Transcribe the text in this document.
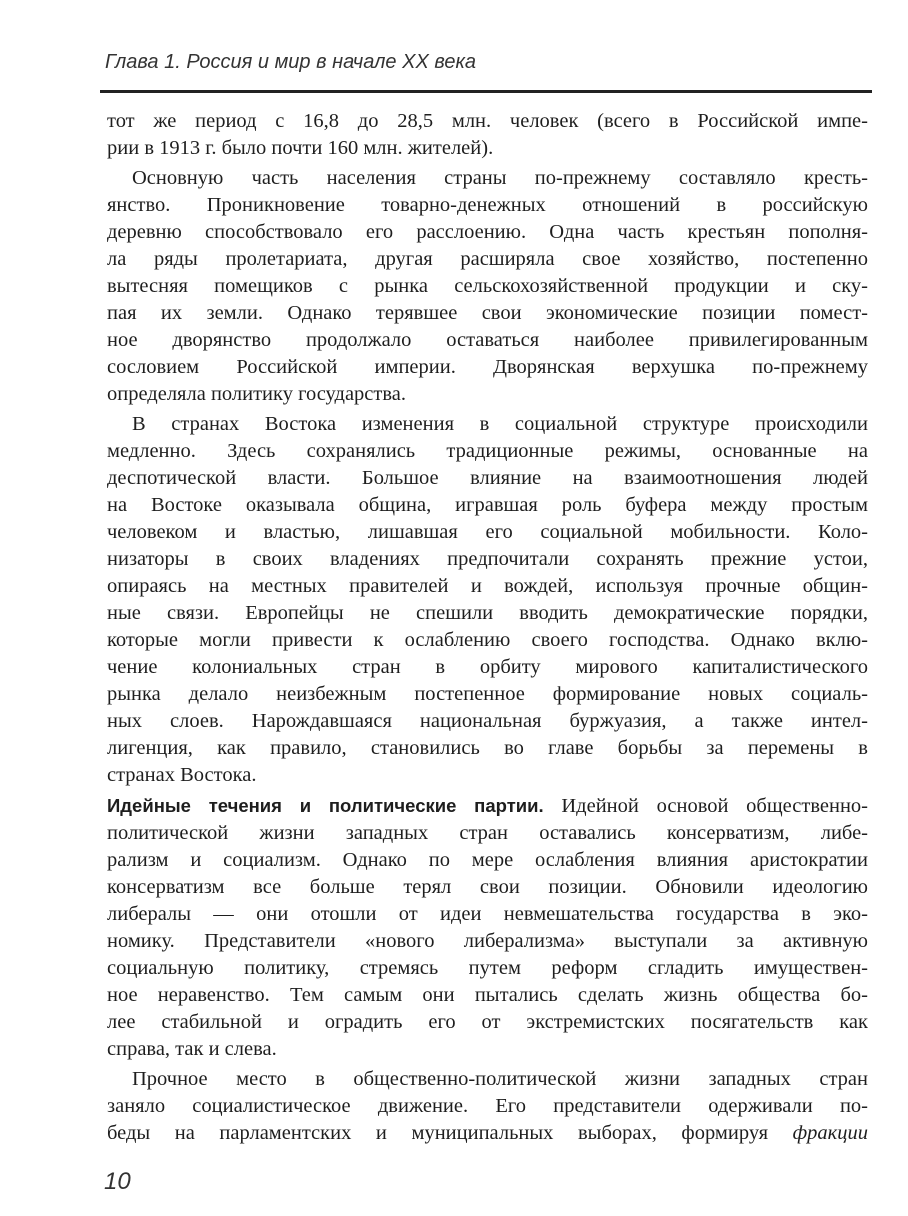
Глава 1. Россия и мир в начале XX века
тот же период с 16,8 до 28,5 млн. человек (всего в Российской импе-
рии в 1913 г. было почти 160 млн. жителей).
Основную часть населения страны по-прежнему составляло кресть-
янство. Проникновение товарно-денежных отношений в российскую
деревню способствовало его расслоению. Одна часть крестьян пополня-
ла ряды пролетариата, другая расширяла свое хозяйство, постепенно
вытесняя помещиков с рынка сельскохозяйственной продукции и ску-
пая их земли. Однако терявшее свои экономические позиции помест-
ное дворянство продолжало оставаться наиболее привилегированным
сословием Российской империи. Дворянская верхушка по-прежнему
определяла политику государства.
В странах Востока изменения в социальной структуре происходили
медленно. Здесь сохранялись традиционные режимы, основанные на
деспотической власти. Большое влияние на взаимоотношения людей
на Востоке оказывала община, игравшая роль буфера между простым
человеком и властью, лишавшая его социальной мобильности. Коло-
низаторы в своих владениях предпочитали сохранять прежние устои,
опираясь на местных правителей и вождей, используя прочные общин-
ные связи. Европейцы не спешили вводить демократические порядки,
которые могли привести к ослаблению своего господства. Однако вклю-
чение колониальных стран в орбиту мирового капиталистического
рынка делало неизбежным постепенное формирование новых социаль-
ных слоев. Нарождавшаяся национальная буржуазия, а также интел-
лигенция, как правило, становились во главе борьбы за перемены в
странах Востока.
Идейные течения и политические партии. Идейной основой общественно-
политической жизни западных стран оставались консерватизм, либе-
рализм и социализм. Однако по мере ослабления влияния аристократии
консерватизм все больше терял свои позиции. Обновили идеологию
либералы — они отошли от идеи невмешательства государства в эко-
номику. Представители «нового либерализма» выступали за активную
социальную политику, стремясь путем реформ сгладить имуществен-
ное неравенство. Тем самым они пытались сделать жизнь общества бо-
лее стабильной и оградить его от экстремистских посягательств как
справа, так и слева.
Прочное место в общественно-политической жизни западных стран
заняло социалистическое движение. Его представители одерживали по-
беды на парламентских и муниципальных выборах, формируя фракции
10
